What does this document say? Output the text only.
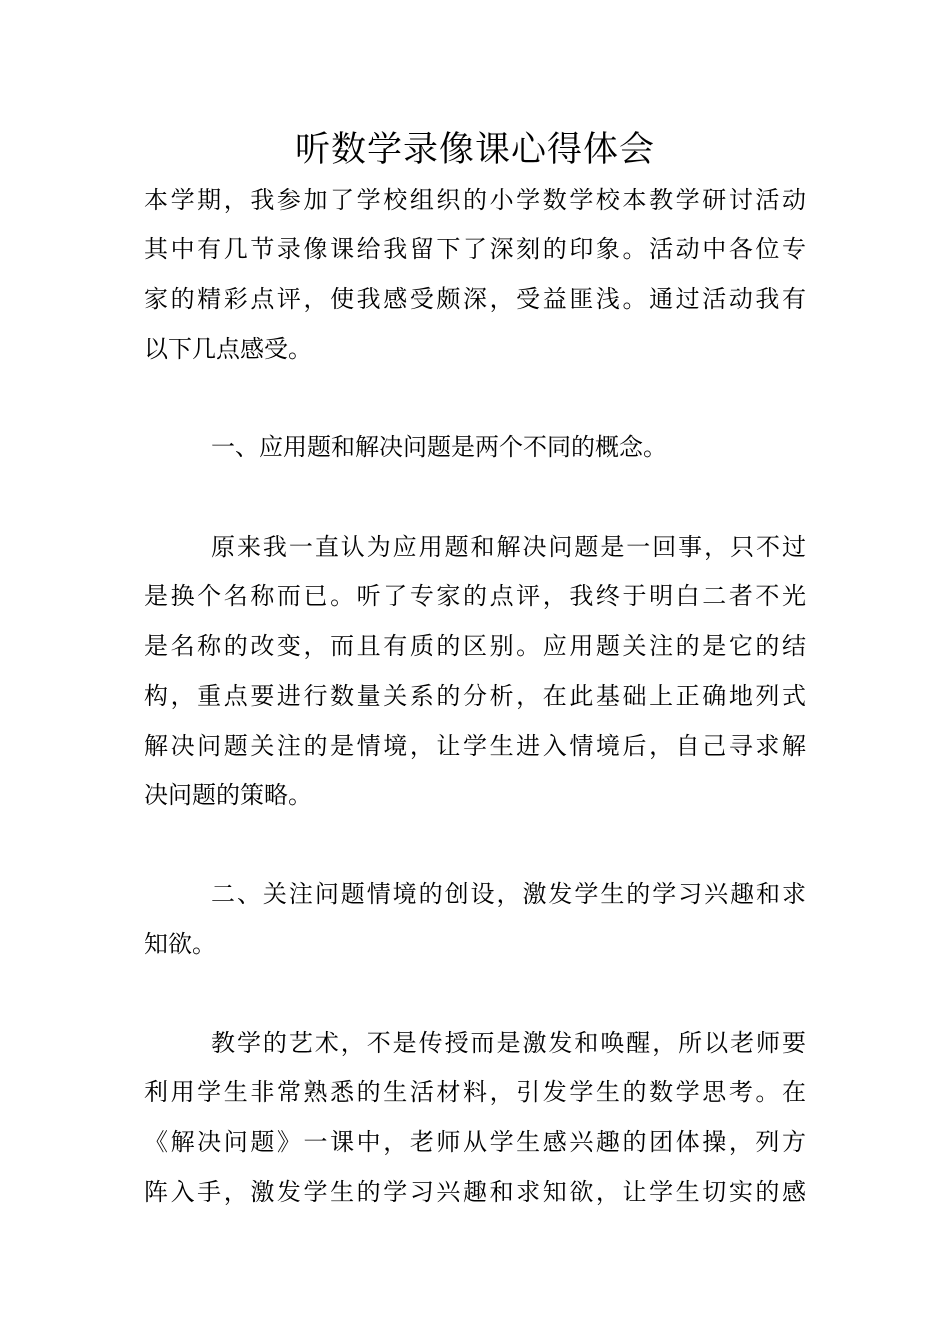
听数学录像课心得体会

本学期，我参加了学校组织的小学数学校本教学研讨活动

其中有几节录像课给我留下了深刻的印象。活动中各位专

家的精彩点评，使我感受颇深，受益匪浅。通过活动我有

以下几点感受。

一、应用题和解决问题是两个不同的概念。

原来我一直认为应用题和解决问题是一回事，只不过

是换个名称而已。听了专家的点评，我终于明白二者不光

是名称的改变，而且有质的区别。应用题关注的是它的结

构，重点要进行数量关系的分析，在此基础上正确地列式

解决问题关注的是情境，让学生进入情境后，自己寻求解

决问题的策略。

二、关注问题情境的创设，激发学生的学习兴趣和求

知欲。

教学的艺术，不是传授而是激发和唤醒，所以老师要

利用学生非常熟悉的生活材料，引发学生的数学思考。在

《解决问题》一课中，老师从学生感兴趣的团体操，列方

阵入手，激发学生的学习兴趣和求知欲，让学生切实的感
